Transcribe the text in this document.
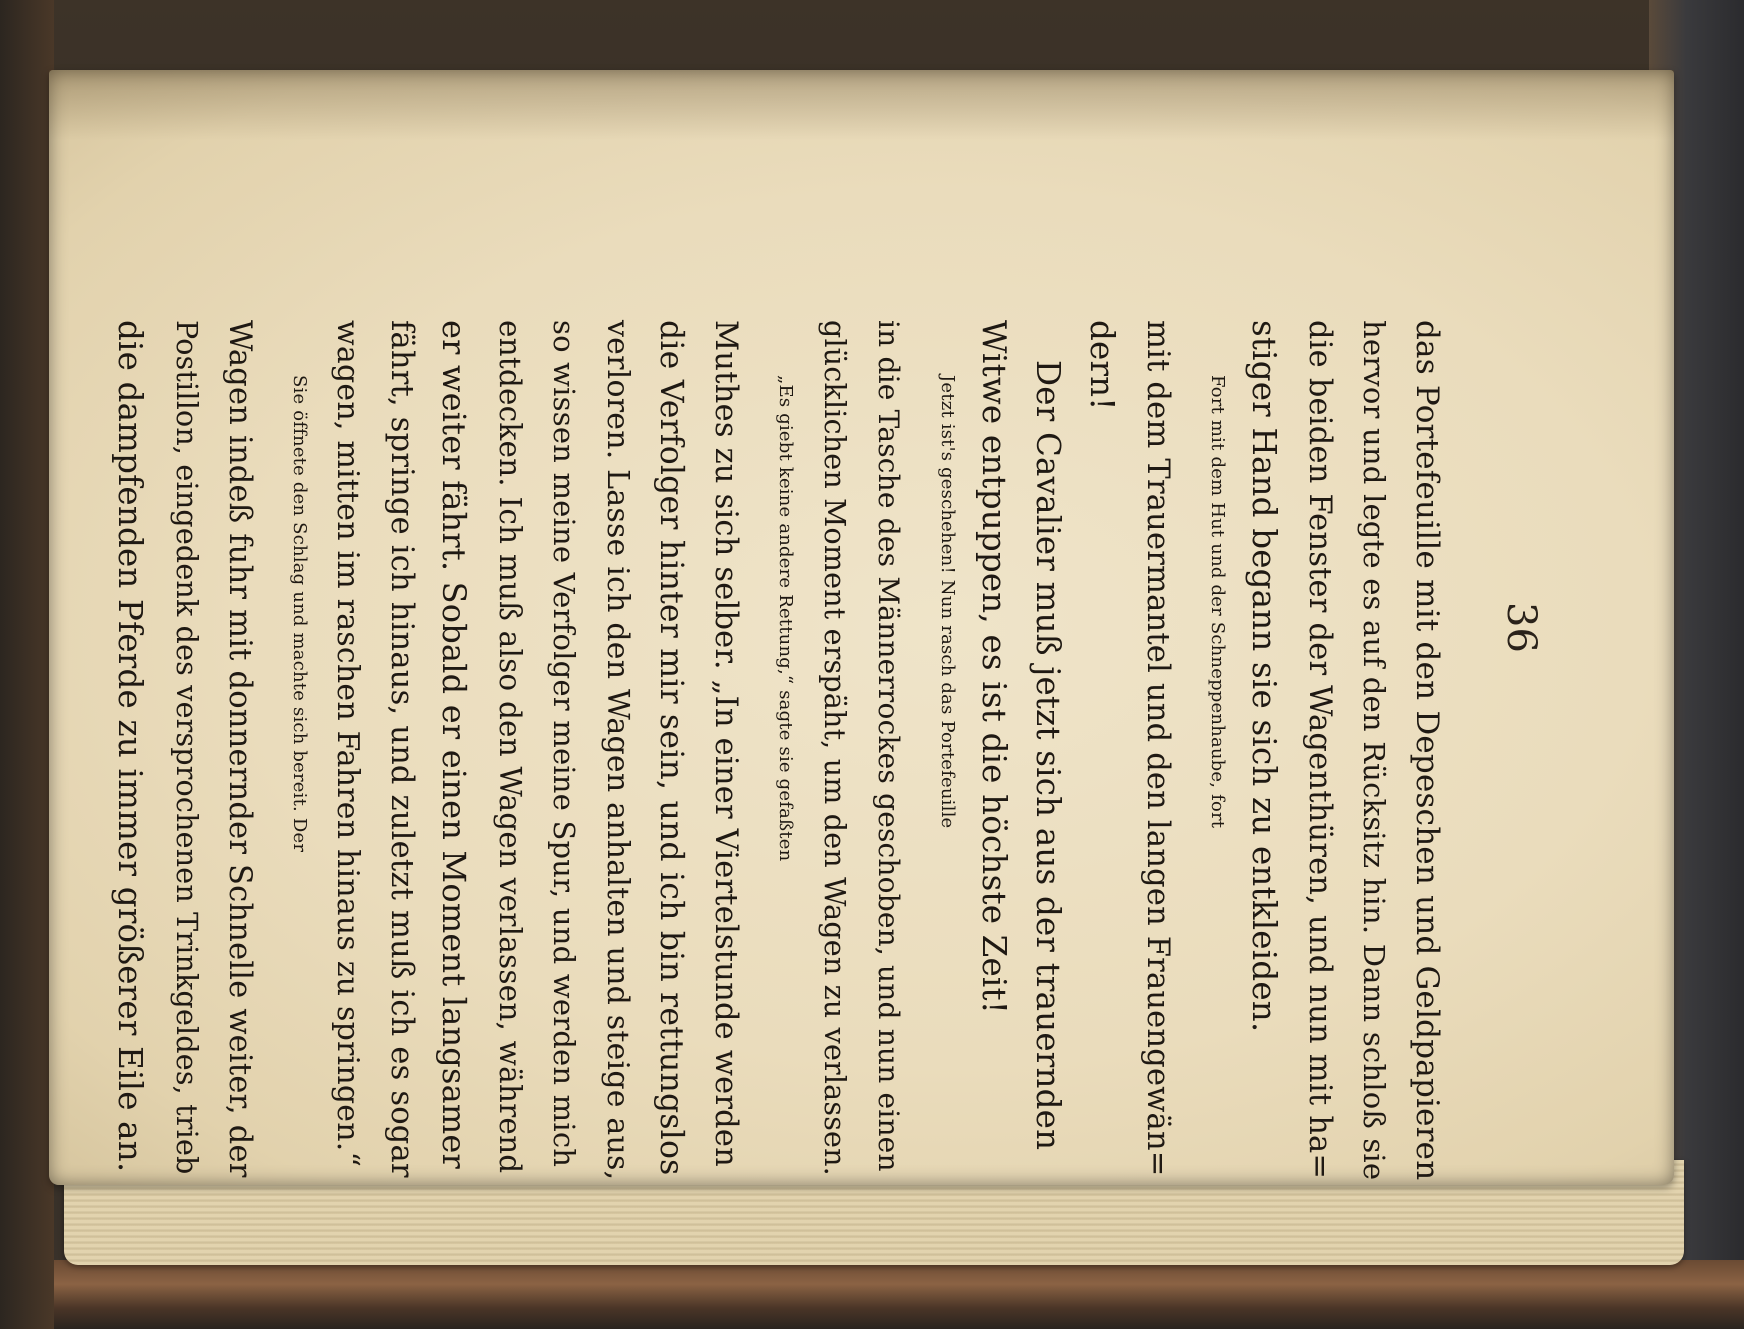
36
das Portefeuille mit den Depeschen und Geldpapieren
hervor und legte es auf den Rücksitz hin. Dann schloß sie
die beiden Fenster der Wagenthüren, und nun mit ha=
stiger Hand begann sie sich zu entkleiden.
Fort mit dem Hut und der Schneppenhaube, fort
mit dem Trauermantel und den langen Frauengewän=
dern!
Der Cavalier muß jetzt sich aus der trauernden
Witwe entpuppen, es ist die höchste Zeit!
Jetzt ist's geschehen! Nun rasch das Portefeuille
in die Tasche des Männerrockes geschoben, und nun einen
glücklichen Moment erspäht, um den Wagen zu verlassen.
„Es giebt keine andere Rettung,“ sagte sie gefaßten
Muthes zu sich selber. „In einer Viertelstunde werden
die Verfolger hinter mir sein, und ich bin rettungslos
verloren. Lasse ich den Wagen anhalten und steige aus,
so wissen meine Verfolger meine Spur, und werden mich
entdecken. Ich muß also den Wagen verlassen, während
er weiter fährt. Sobald er einen Moment langsamer
fährt, springe ich hinaus, und zuletzt muß ich es sogar
wagen, mitten im raschen Fahren hinaus zu springen.“
Sie öffnete den Schlag und machte sich bereit. Der
Wagen indeß fuhr mit donnernder Schnelle weiter, der
Postillon, eingedenk des versprochenen Trinkgeldes, trieb
die dampfenden Pferde zu immer größerer Eile an.
